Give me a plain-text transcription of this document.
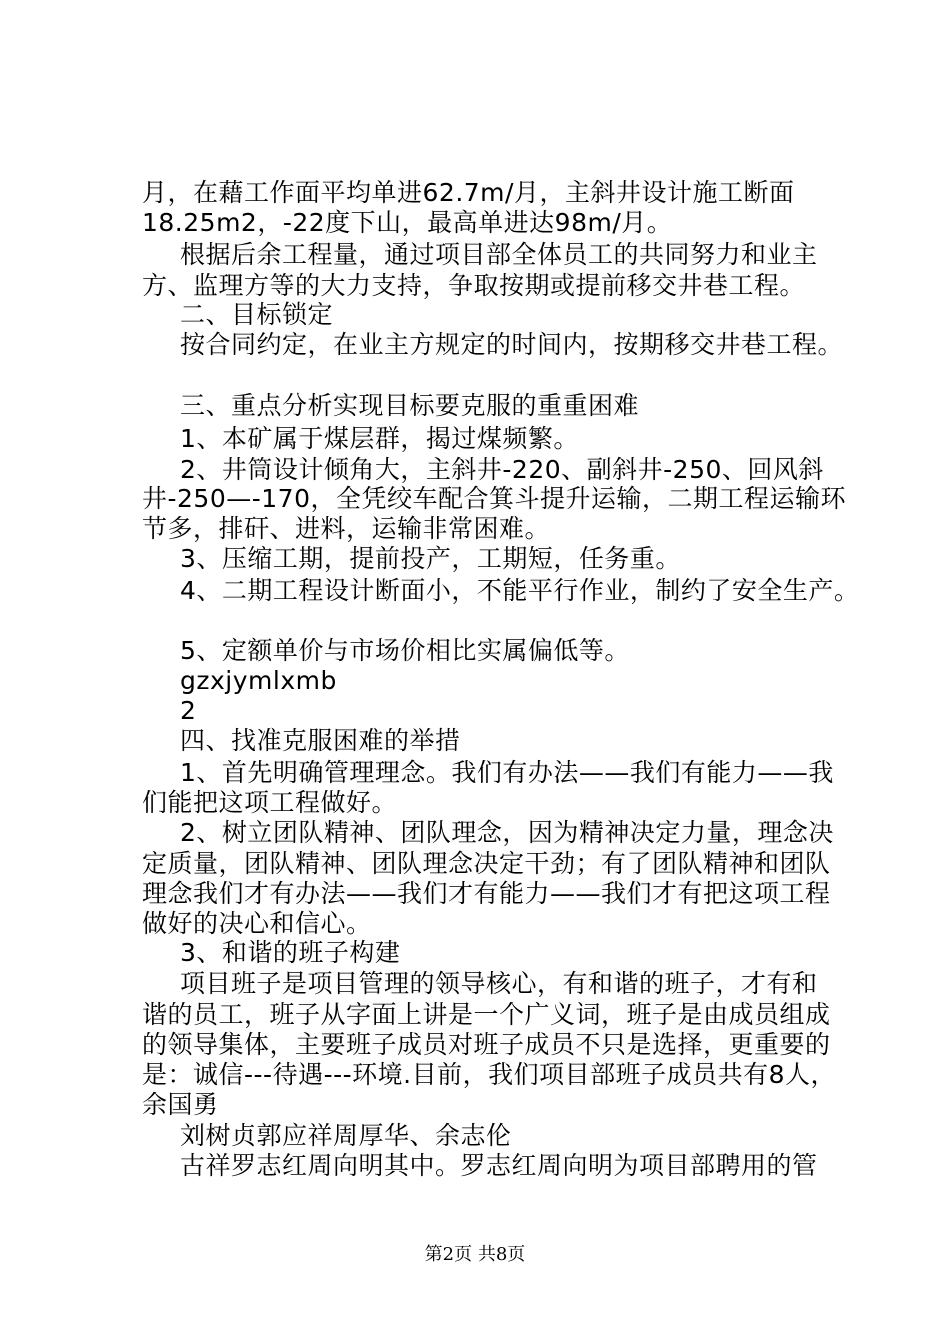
月，在藉工作面平均单进62.7m/月，主斜井设计施工断面
18.25m2，-22度下山，最高单进达98m/月。
根据后余工程量，通过项目部全体员工的共同努力和业主
方、监理方等的大力支持，争取按期或提前移交井巷工程。
二、目标锁定
按合同约定，在业主方规定的时间内，按期移交井巷工程。
三、重点分析实现目标要克服的重重困难
1、本矿属于煤层群，揭过煤频繁。
2、井筒设计倾角大，主斜井-220、副斜井-250、回风斜
井-250—-170，全凭绞车配合箕斗提升运输，二期工程运输环
节多，排矸、进料，运输非常困难。
3、压缩工期，提前投产，工期短，任务重。
4、二期工程设计断面小，不能平行作业，制约了安全生产。
5、定额单价与市场价相比实属偏低等。
gzxjymlxmb
2
四、找准克服困难的举措
1、首先明确管理理念。我们有办法——我们有能力——我
们能把这项工程做好。
2、树立团队精神、团队理念，因为精神决定力量，理念决
定质量，团队精神、团队理念决定干劲；有了团队精神和团队
理念我们才有办法——我们才有能力——我们才有把这项工程
做好的决心和信心。
3、和谐的班子构建
项目班子是项目管理的领导核心，有和谐的班子，才有和
谐的员工，班子从字面上讲是一个广义词，班子是由成员组成
的领导集体，主要班子成员对班子成员不只是选择，更重要的
是：诚信---待遇---环境.目前，我们项目部班子成员共有8人，
余国勇
刘树贞郭应祥周厚华、余志伦
古祥罗志红周向明其中。罗志红周向明为项目部聘用的管
第2页 共8页
